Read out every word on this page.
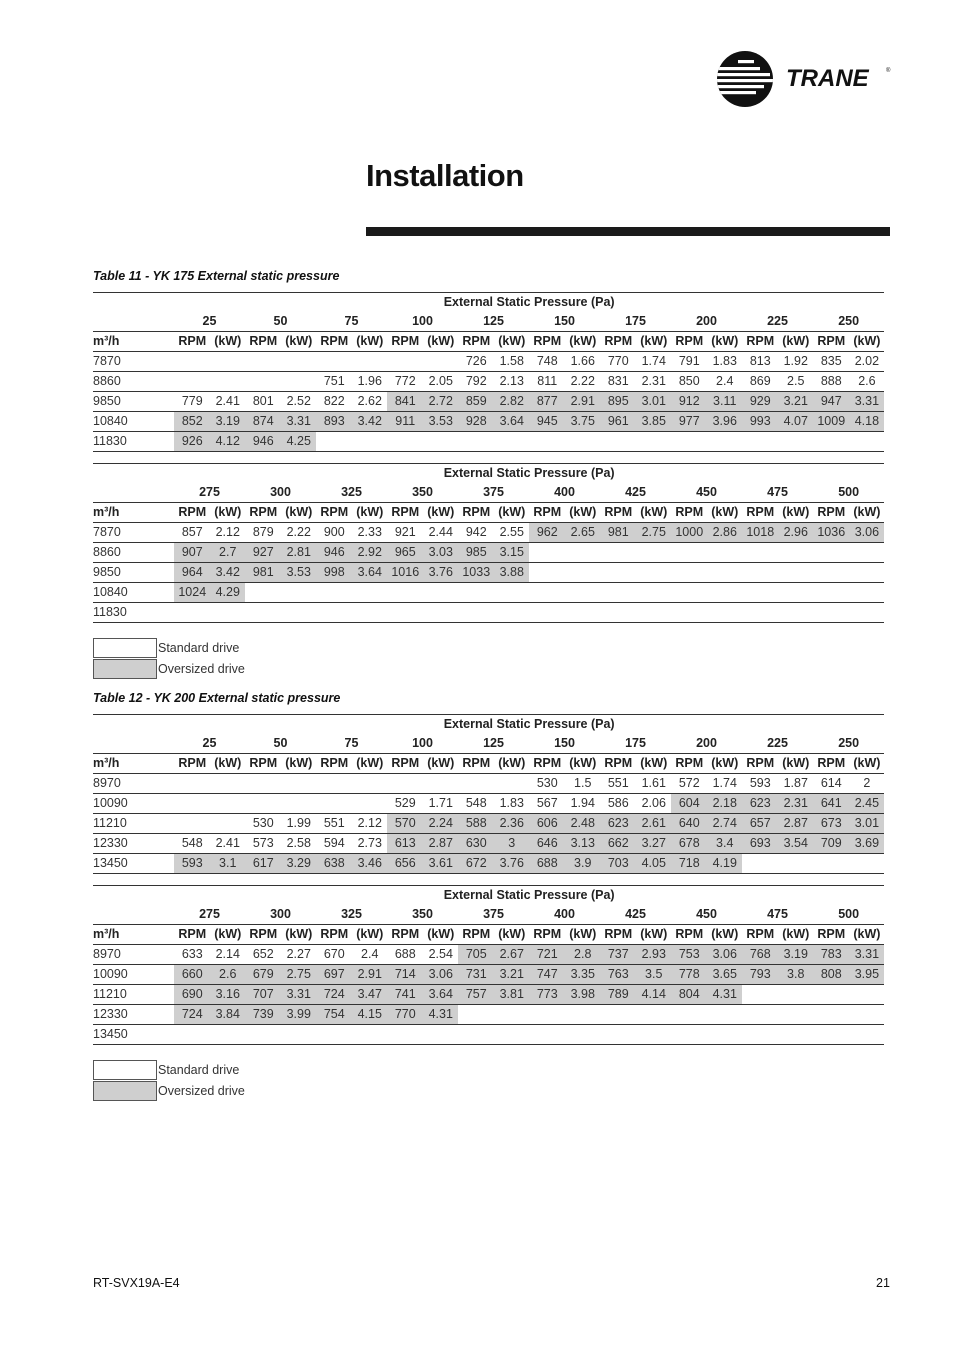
TRANE	®
Installation

Table 11 - YK 175 External static pressure

	External Static Pressure (Pa)																			
	25		50		75		100		125		150		175		200		225		250	
m³/h	RPM	(kW)	RPM	(kW)	RPM	(kW)	RPM	(kW)	RPM	(kW)	RPM	(kW)	RPM	(kW)	RPM	(kW)	RPM	(kW)	RPM	(kW)
7870									726	1.58	748	1.66	770	1.74	791	1.83	813	1.92	835	2.02
8860					751	1.96	772	2.05	792	2.13	811	2.22	831	2.31	850	2.4	869	2.5	888	2.6
9850	779	2.41	801	2.52	822	2.62	841	2.72	859	2.82	877	2.91	895	3.01	912	3.11	929	3.21	947	3.31
10840	852	3.19	874	3.31	893	3.42	911	3.53	928	3.64	945	3.75	961	3.85	977	3.96	993	4.07	1009	4.18
11830	926	4.12	946	4.25																
	External Static Pressure (Pa)																			
	275		300		325		350		375		400		425		450		475		500	
m³/h	RPM	(kW)	RPM	(kW)	RPM	(kW)	RPM	(kW)	RPM	(kW)	RPM	(kW)	RPM	(kW)	RPM	(kW)	RPM	(kW)	RPM	(kW)
7870	857	2.12	879	2.22	900	2.33	921	2.44	942	2.55	962	2.65	981	2.75	1000	2.86	1018	2.96	1036	3.06
8860	907	2.7	927	2.81	946	2.92	965	3.03	985	3.15										
9850	964	3.42	981	3.53	998	3.64	1016	3.76	1033	3.88										
10840	1024	4.29																		
11830																				
Standard drive
Oversized drive

Table 12 - YK 200 External static pressure

	External Static Pressure (Pa)																			
	25		50		75		100		125		150		175		200		225		250	
m³/h	RPM	(kW)	RPM	(kW)	RPM	(kW)	RPM	(kW)	RPM	(kW)	RPM	(kW)	RPM	(kW)	RPM	(kW)	RPM	(kW)	RPM	(kW)
8970											530	1.5	551	1.61	572	1.74	593	1.87	614	2
10090							529	1.71	548	1.83	567	1.94	586	2.06	604	2.18	623	2.31	641	2.45
11210			530	1.99	551	2.12	570	2.24	588	2.36	606	2.48	623	2.61	640	2.74	657	2.87	673	3.01
12330	548	2.41	573	2.58	594	2.73	613	2.87	630	3	646	3.13	662	3.27	678	3.4	693	3.54	709	3.69
13450	593	3.1	617	3.29	638	3.46	656	3.61	672	3.76	688	3.9	703	4.05	718	4.19				
	External Static Pressure (Pa)																			
	275		300		325		350		375		400		425		450		475		500	
m³/h	RPM	(kW)	RPM	(kW)	RPM	(kW)	RPM	(kW)	RPM	(kW)	RPM	(kW)	RPM	(kW)	RPM	(kW)	RPM	(kW)	RPM	(kW)
8970	633	2.14	652	2.27	670	2.4	688	2.54	705	2.67	721	2.8	737	2.93	753	3.06	768	3.19	783	3.31
10090	660	2.6	679	2.75	697	2.91	714	3.06	731	3.21	747	3.35	763	3.5	778	3.65	793	3.8	808	3.95
11210	690	3.16	707	3.31	724	3.47	741	3.64	757	3.81	773	3.98	789	4.14	804	4.31				
12330	724	3.84	739	3.99	754	4.15	770	4.31												
13450																				
Standard drive
Oversized drive
RT-SVX19A-E4	21
